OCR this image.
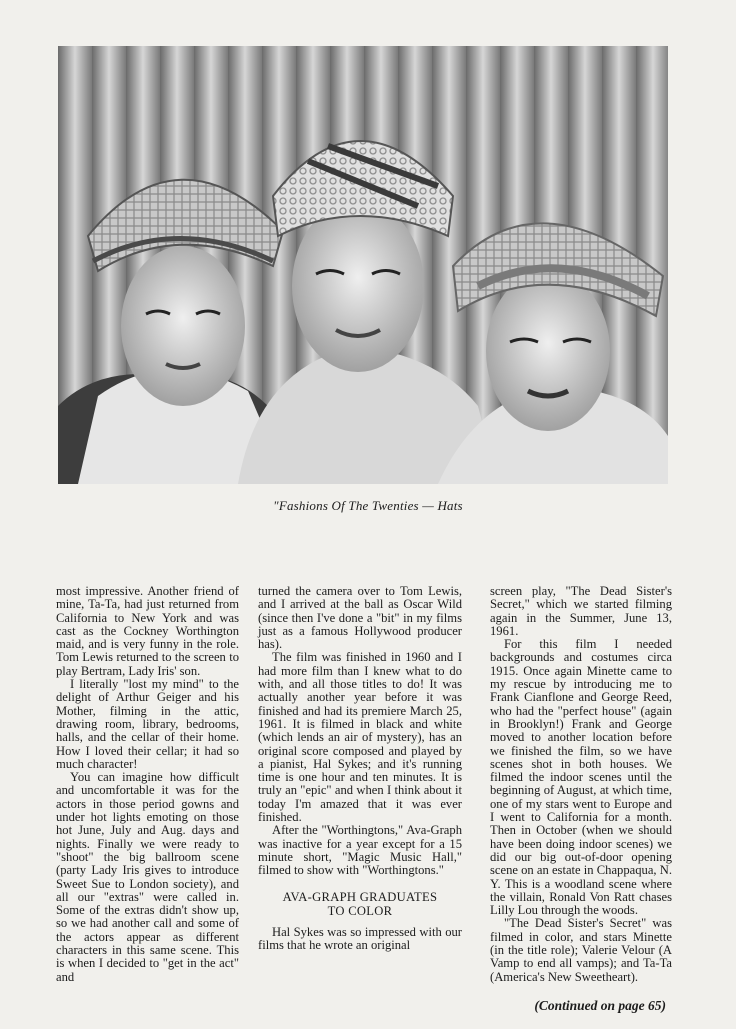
"Fashions Of The Twenties — Hats

most impressive. Another friend of mine, Ta-Ta, had just returned from California to New York and was cast as the Cockney Worthington maid, and is very funny in the role. Tom Lewis returned to the screen to play Bertram, Lady Iris' son.

I literally "lost my mind" to the delight of Arthur Geiger and his Mother, filming in the attic, drawing room, library, bedrooms, halls, and the cellar of their home. How I loved their cellar; it had so much character!

You can imagine how difficult and uncomfortable it was for the actors in those period gowns and under hot lights emoting on those hot June, July and Aug. days and nights. Finally we were ready to "shoot" the big ballroom scene (party Lady Iris gives to introduce Sweet Sue to London society), and all our "extras" were called in. Some of the extras didn't show up, so we had another call and some of the actors appear as different characters in this same scene. This is when I decided to "get in the act" and

turned the camera over to Tom Lewis, and I arrived at the ball as Oscar Wild (since then I've done a "bit" in my films just as a famous Hollywood producer has).

The film was finished in 1960 and I had more film than I knew what to do with, and all those titles to do! It was actually another year before it was finished and had its premiere March 25, 1961. It is filmed in black and white (which lends an air of mystery), has an original score composed and played by a pianist, Hal Sykes; and it's running time is one hour and ten minutes. It is truly an "epic" and when I think about it today I'm amazed that it was ever finished.

After the "Worthingtons," Ava-Graph was inactive for a year except for a 15 minute short, "Magic Music Hall," filmed to show with "Worthingtons."

AVA-GRAPH GRADUATES
TO COLOR

Hal Sykes was so impressed with our films that he wrote an original

screen play, "The Dead Sister's Secret," which we started filming again in the Summer, June 13, 1961.

For this film I needed backgrounds and costumes circa 1915. Once again Minette came to my rescue by introducing me to Frank Cianflone and George Reed, who had the "perfect house" (again in Brooklyn!) Frank and George moved to another location before we finished the film, so we have scenes shot in both houses. We filmed the indoor scenes until the beginning of August, at which time, one of my stars went to Europe and I went to California for a month. Then in October (when we should have been doing indoor scenes) we did our big out-of-door opening scene on an estate in Chappaqua, N. Y. This is a woodland scene where the villain, Ronald Von Ratt chases Lilly Lou through the woods.

"The Dead Sister's Secret" was filmed in color, and stars Minette (in the title role); Valerie Velour (A Vamp to end all vamps); and Ta-Ta (America's New Sweetheart).

(Continued on page 65)
